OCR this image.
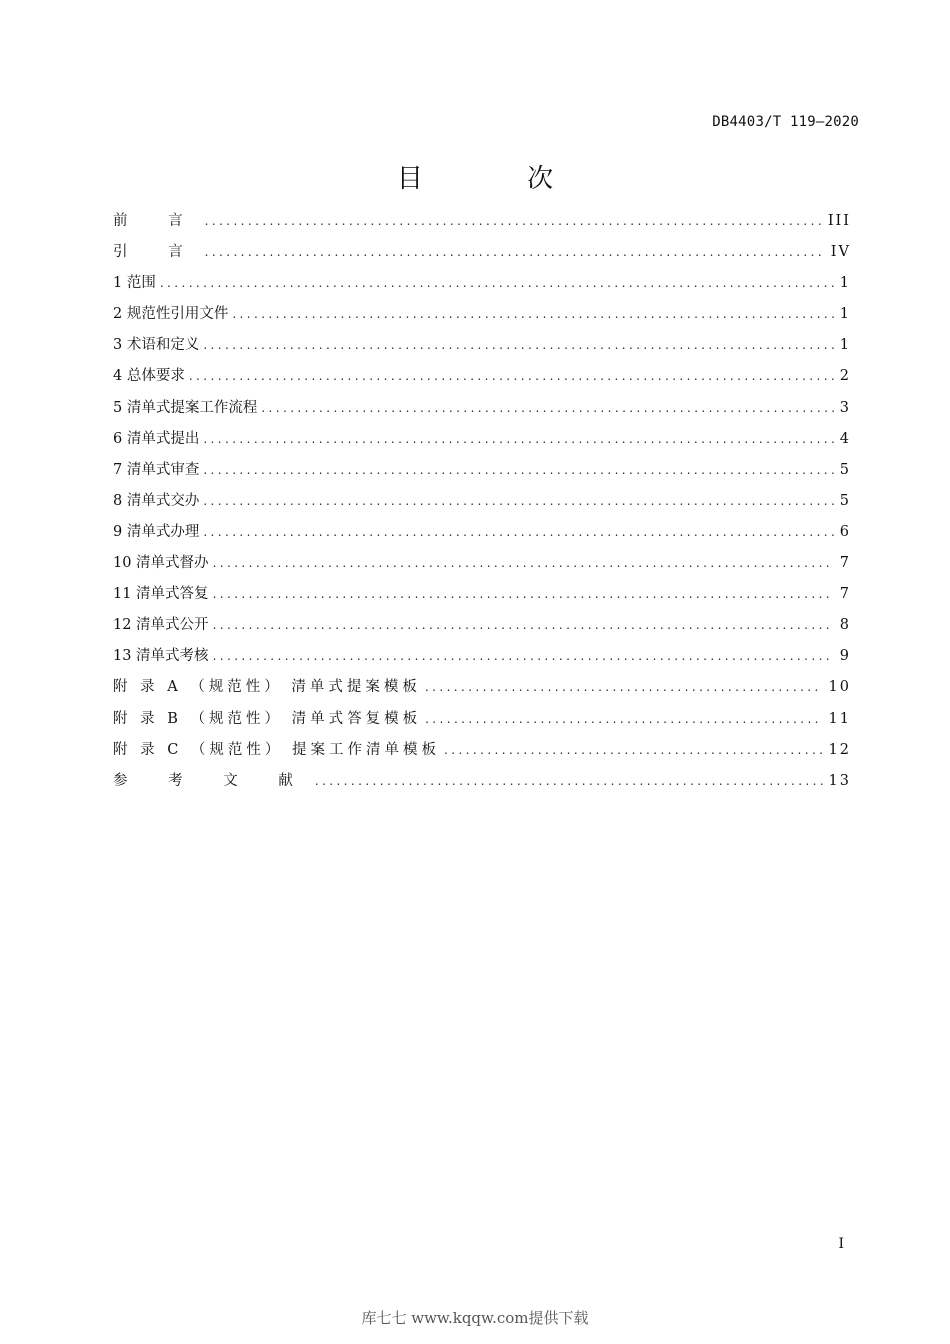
DB4403/T 119—2020
目 次
前 言 .....	III
引 言 .....	IV
1 范围 .....	1
2 规范性引用文件 .....	1
3 术语和定义 .....	1
4 总体要求 .....	2
5 清单式提案工作流程 .....	3
6 清单式提出 .....	4
7 清单式审查 .....	5
8 清单式交办 .....	5
9 清单式办理 .....	6
10 清单式督办 .....	7
11 清单式答复 .....	7
12 清单式公开 .....	8
13 清单式考核 .....	9
附 录 A （规范性） 清单式提案模板 .....	10
附 录 B （规范性） 清单式答复模板 .....	11
附 录 C （规范性） 提案工作清单模板 .....	12
参 考 文 献 .....	13
I
库七七 www.kqqw.com提供下载
